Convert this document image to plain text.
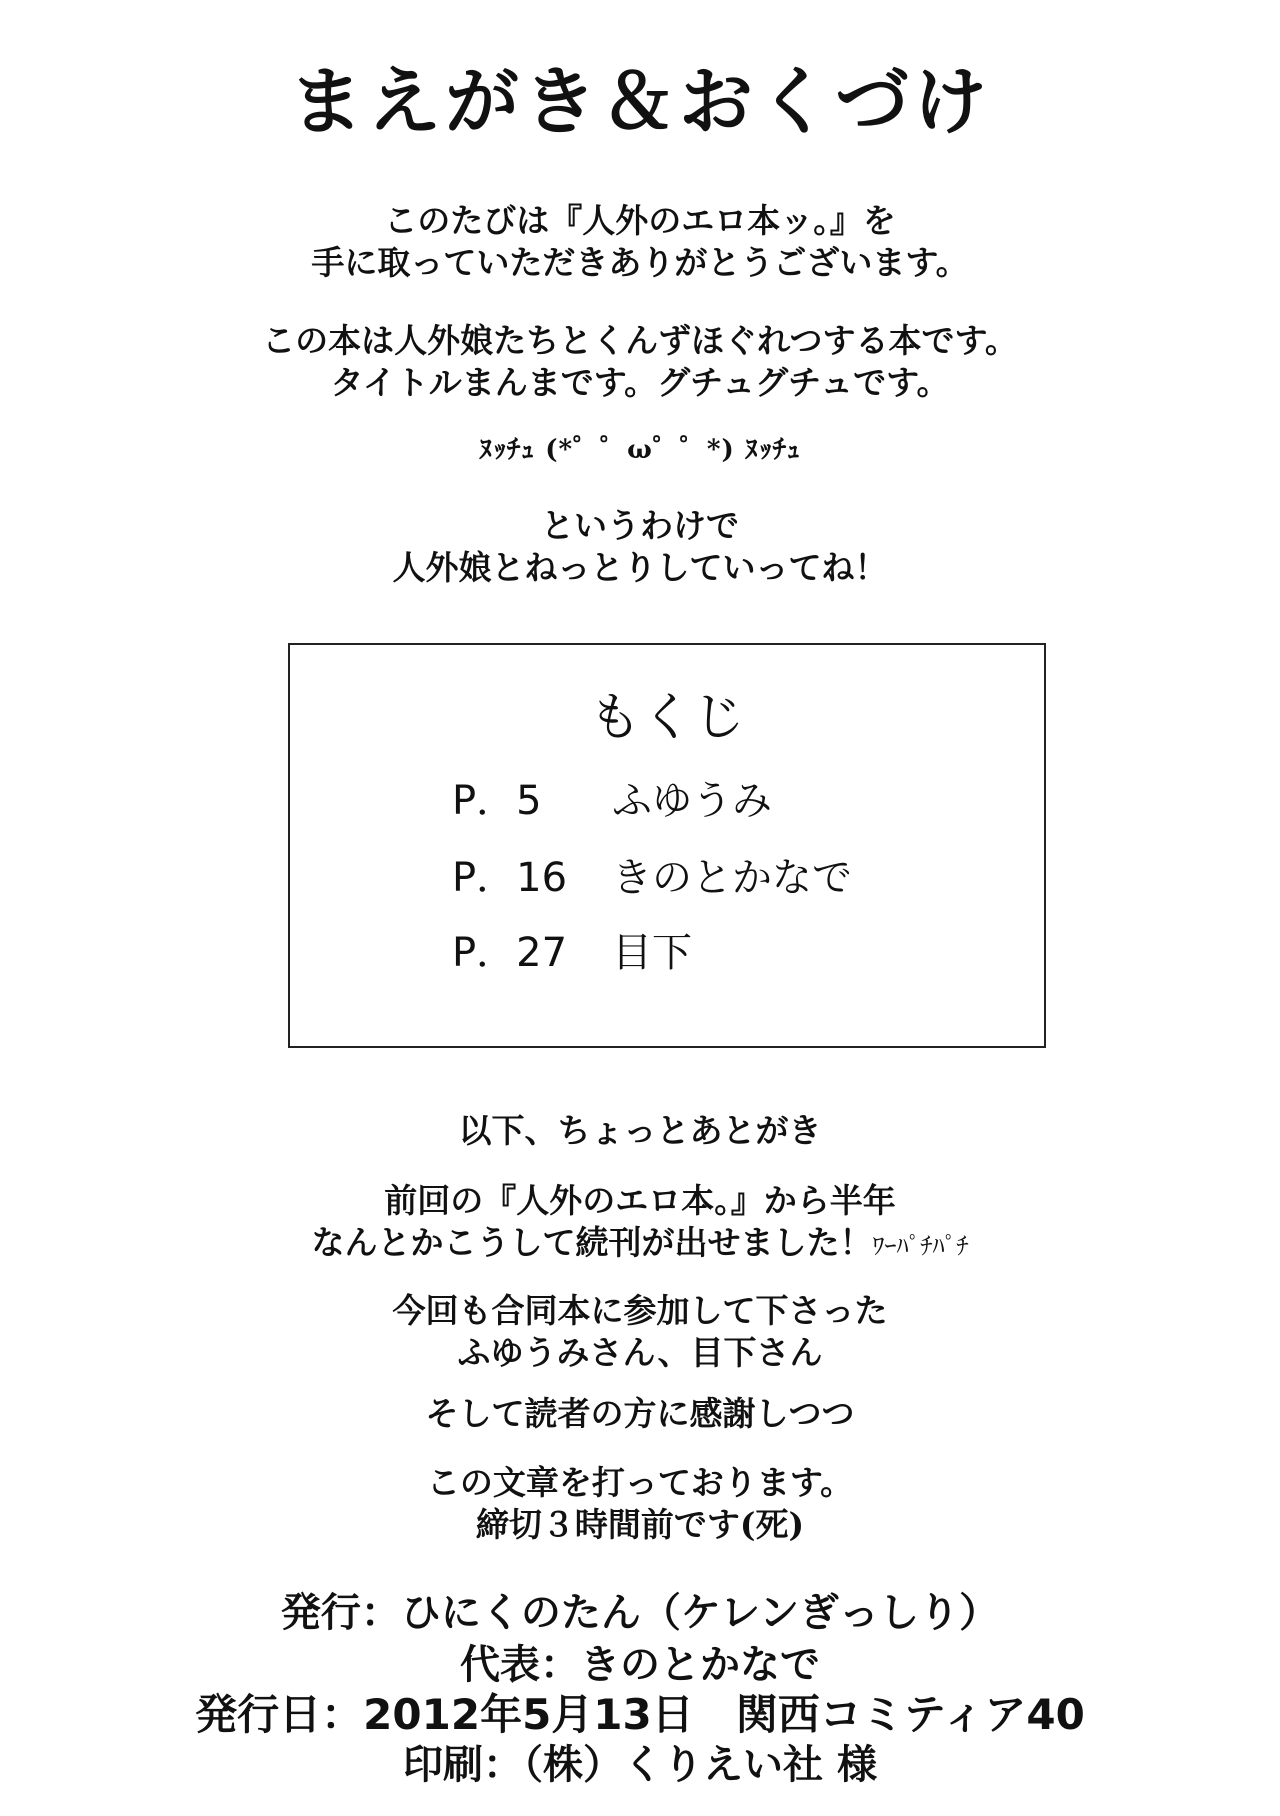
まえがき＆おくづけ
このたびは『人外のエロ本ッ。』を
手に取っていただきありがとうございます。
この本は人外娘たちとくんずほぐれつする本です。
タイトルまんまです。グチュグチュです。
ﾇｯﾁｭ (*゜゜ω゜゜*) ﾇｯﾁｭ
というわけで
人外娘とねっとりしていってね！
もくじ
P．5 ふゆうみ
P．16 きのとかなで
P．27 目下
以下、ちょっとあとがき
前回の『人外のエロ本。』から半年
なんとかこうして続刊が出せました！ﾜｰﾊﾟﾁﾊﾟﾁ
今回も合同本に参加して下さった
ふゆうみさん、目下さん
そして読者の方に感謝しつつ
この文章を打っております。
締切３時間前です(死)
発行：ひにくのたん（ケレンぎっしり）
代表：きのとかなで
発行日：2012年5月13日　関西コミティア40
印刷：（株）くりえい社 様
